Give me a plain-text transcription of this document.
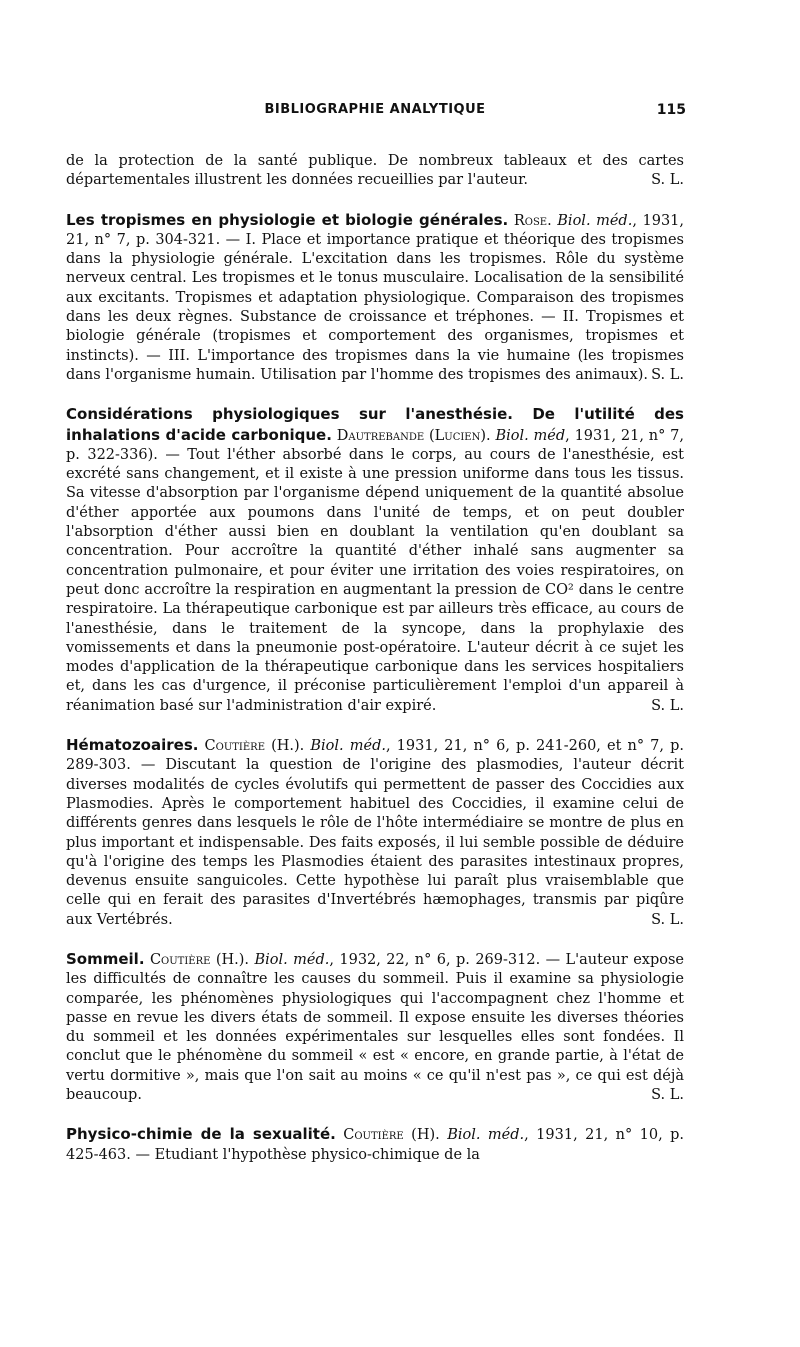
BIBLIOGRAPHIE ANALYTIQUE	115

de la protection de la santé publique. De nombreux tableaux et des cartes départementales illustrent les données recueillies par l'auteur.	S. L.

Les tropismes en physiologie et biologie générales. Rose. Biol. méd., 1931, 21, n° 7, p. 304-321. — I. Place et importance pratique et théorique des tropismes dans la physiologie générale. L'excitation dans les tropismes. Rôle du système nerveux central. Les tropismes et le tonus musculaire. Localisation de la sensibilité aux excitants. Tropismes et adaptation physiologique. Comparaison des tropismes dans les deux règnes. Substance de croissance et tréphones. — II. Tropismes et biologie générale (tropismes et comportement des organismes, tropismes et instincts). — III. L'importance des tropismes dans la vie humaine (les tropismes dans l'organisme humain. Utilisation par l'homme des tropismes des animaux). S. L.

Considérations physiologiques sur l'anesthésie. De l'utilité des inhalations d'acide carbonique. Dautrebande (Lucien). Biol. méd, 1931, 21, n° 7, p. 322-336). — Tout l'éther absorbé dans le corps, au cours de l'anesthésie, est excrété sans changement, et il existe à une pression uniforme dans tous les tissus. Sa vitesse d'absorption par l'organisme dépend uniquement de la quantité absolue d'éther apportée aux poumons dans l'unité de temps, et on peut doubler l'absorption d'éther aussi bien en doublant la ventilation qu'en doublant sa concentration. Pour accroître la quantité d'éther inhalé sans augmenter sa concentration pulmonaire, et pour éviter une irritation des voies respiratoires, on peut donc accroître la respiration en augmentant la pression de CO² dans le centre respiratoire. La thérapeutique carbonique est par ailleurs très efficace, au cours de l'anesthésie, dans le traitement de la syncope, dans la prophylaxie des vomissements et dans la pneumonie post-opératoire. L'auteur décrit à ce sujet les modes d'application de la thérapeutique carbonique dans les services hospitaliers et, dans les cas d'urgence, il préconise particulièrement l'emploi d'un appareil à réanimation basé sur l'administration d'air expiré.	S. L.

Hématozoaires. Coutière (H.). Biol. méd., 1931, 21, n° 6, p. 241-260, et n° 7, p. 289-303. — Discutant la question de l'origine des plasmodies, l'auteur décrit diverses modalités de cycles évolutifs qui permettent de passer des Coccidies aux Plasmodies. Après le comportement habituel des Coccidies, il examine celui de différents genres dans lesquels le rôle de l'hôte intermédiaire se montre de plus en plus important et indispensable. Des faits exposés, il lui semble possible de déduire qu'à l'origine des temps les Plasmodies étaient des parasites intestinaux propres, devenus ensuite sanguicoles. Cette hypothèse lui paraît plus vraisemblable que celle qui en ferait des parasites d'Invertébrés hæmophages, transmis par piqûre aux Vertébrés.	S. L.

Sommeil. Coutière (H.). Biol. méd., 1932, 22, n° 6, p. 269-312. — L'auteur expose les difficultés de connaître les causes du sommeil. Puis il examine sa physiologie comparée, les phénomènes physiologiques qui l'accompagnent chez l'homme et passe en revue les divers états de sommeil. Il expose ensuite les diverses théories du sommeil et les données expérimentales sur lesquelles elles sont fondées. Il conclut que le phénomène du sommeil « est « encore, en grande partie, à l'état de vertu dormitive », mais que l'on sait au moins « ce qu'il n'est pas », ce qui est déjà beaucoup.	S. L.

Physico-chimie de la sexualité. Coutière (H). Biol. méd., 1931, 21, n° 10, p. 425-463. — Etudiant l'hypothèse physico-chimique de la
